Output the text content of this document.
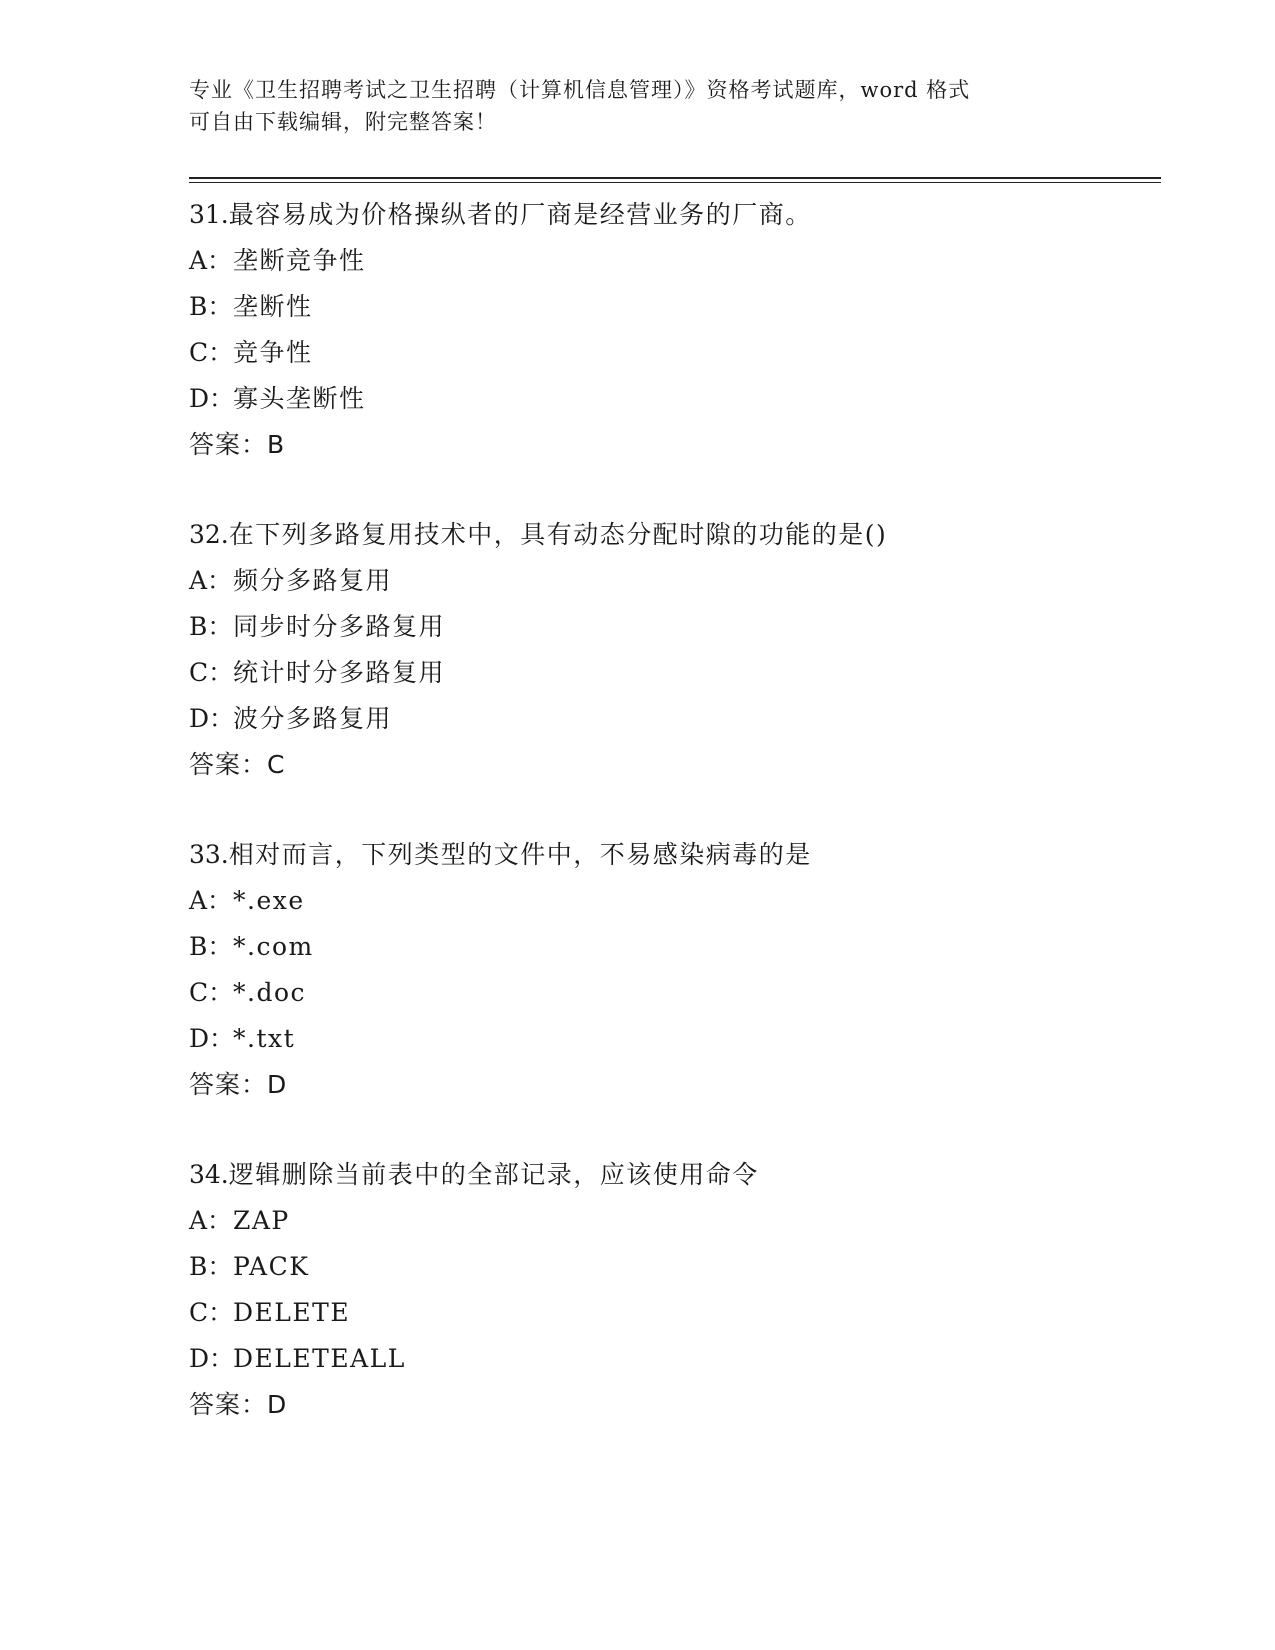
专业《卫生招聘考试之卫生招聘（计算机信息管理）》资格考试题库，word 格式
可自由下载编辑，附完整答案！
31.最容易成为价格操纵者的厂商是经营业务的厂商。
A：垄断竞争性
B：垄断性
C：竞争性
D：寡头垄断性
答案：B
32.在下列多路复用技术中，具有动态分配时隙的功能的是()
A：频分多路复用
B：同步时分多路复用
C：统计时分多路复用
D：波分多路复用
答案：C
33.相对而言，下列类型的文件中，不易感染病毒的是
A：*.exe
B：*.com
C：*.doc
D：*.txt
答案：D
34.逻辑删除当前表中的全部记录，应该使用命令
A：ZAP
B：PACK
C：DELETE
D：DELETEALL
答案：D
